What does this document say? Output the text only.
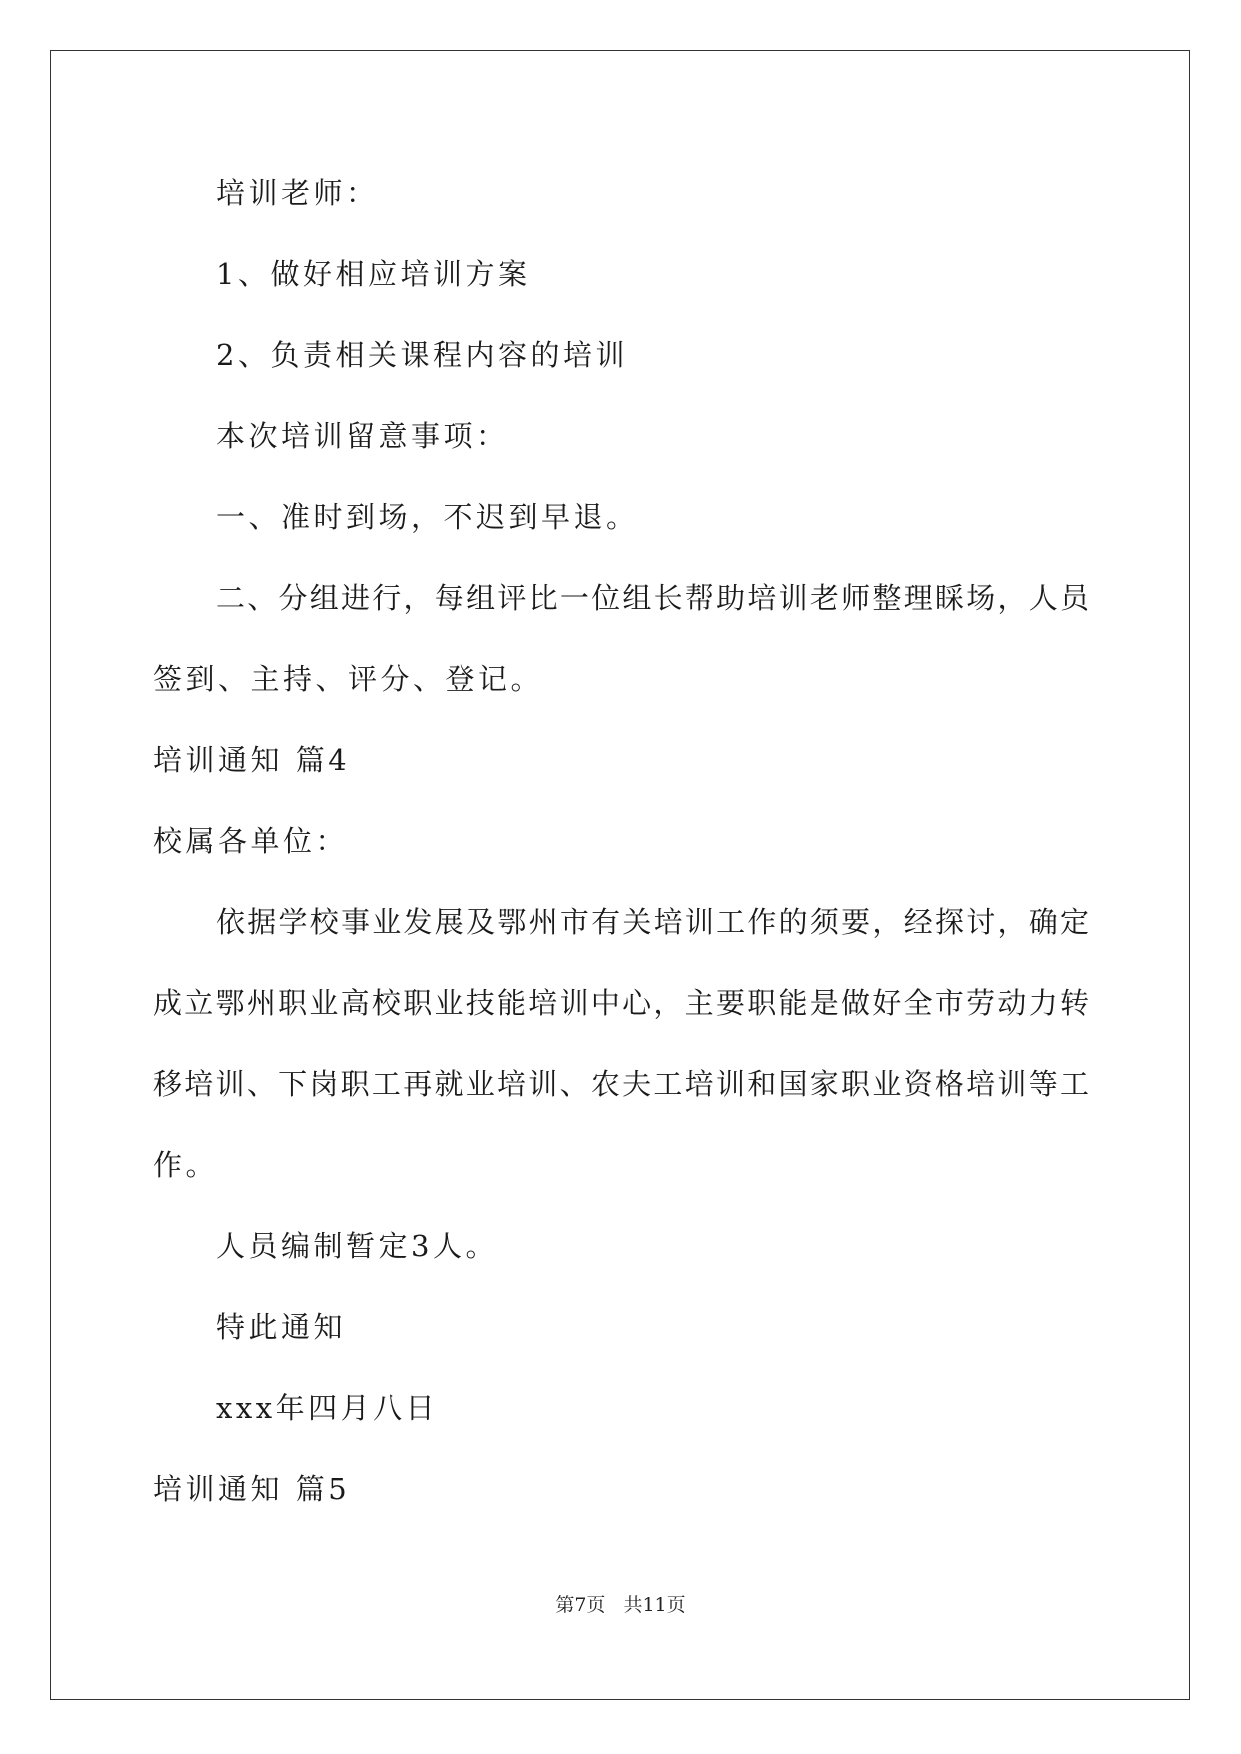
培训老师：
1、做好相应培训方案
2、负责相关课程内容的培训
本次培训留意事项：
一、准时到场，不迟到早退。
二、分组进行，每组评比一位组长帮助培训老师整理睬场，人员
签到、主持、评分、登记。
培训通知 篇4
校属各单位：
依据学校事业发展及鄂州市有关培训工作的须要，经探讨，确定
成立鄂州职业高校职业技能培训中心，主要职能是做好全市劳动力转
移培训、下岗职工再就业培训、农夫工培训和国家职业资格培训等工
作。
人员编制暂定3人。
特此通知
xxx年四月八日
培训通知 篇5
第7页 共11页
